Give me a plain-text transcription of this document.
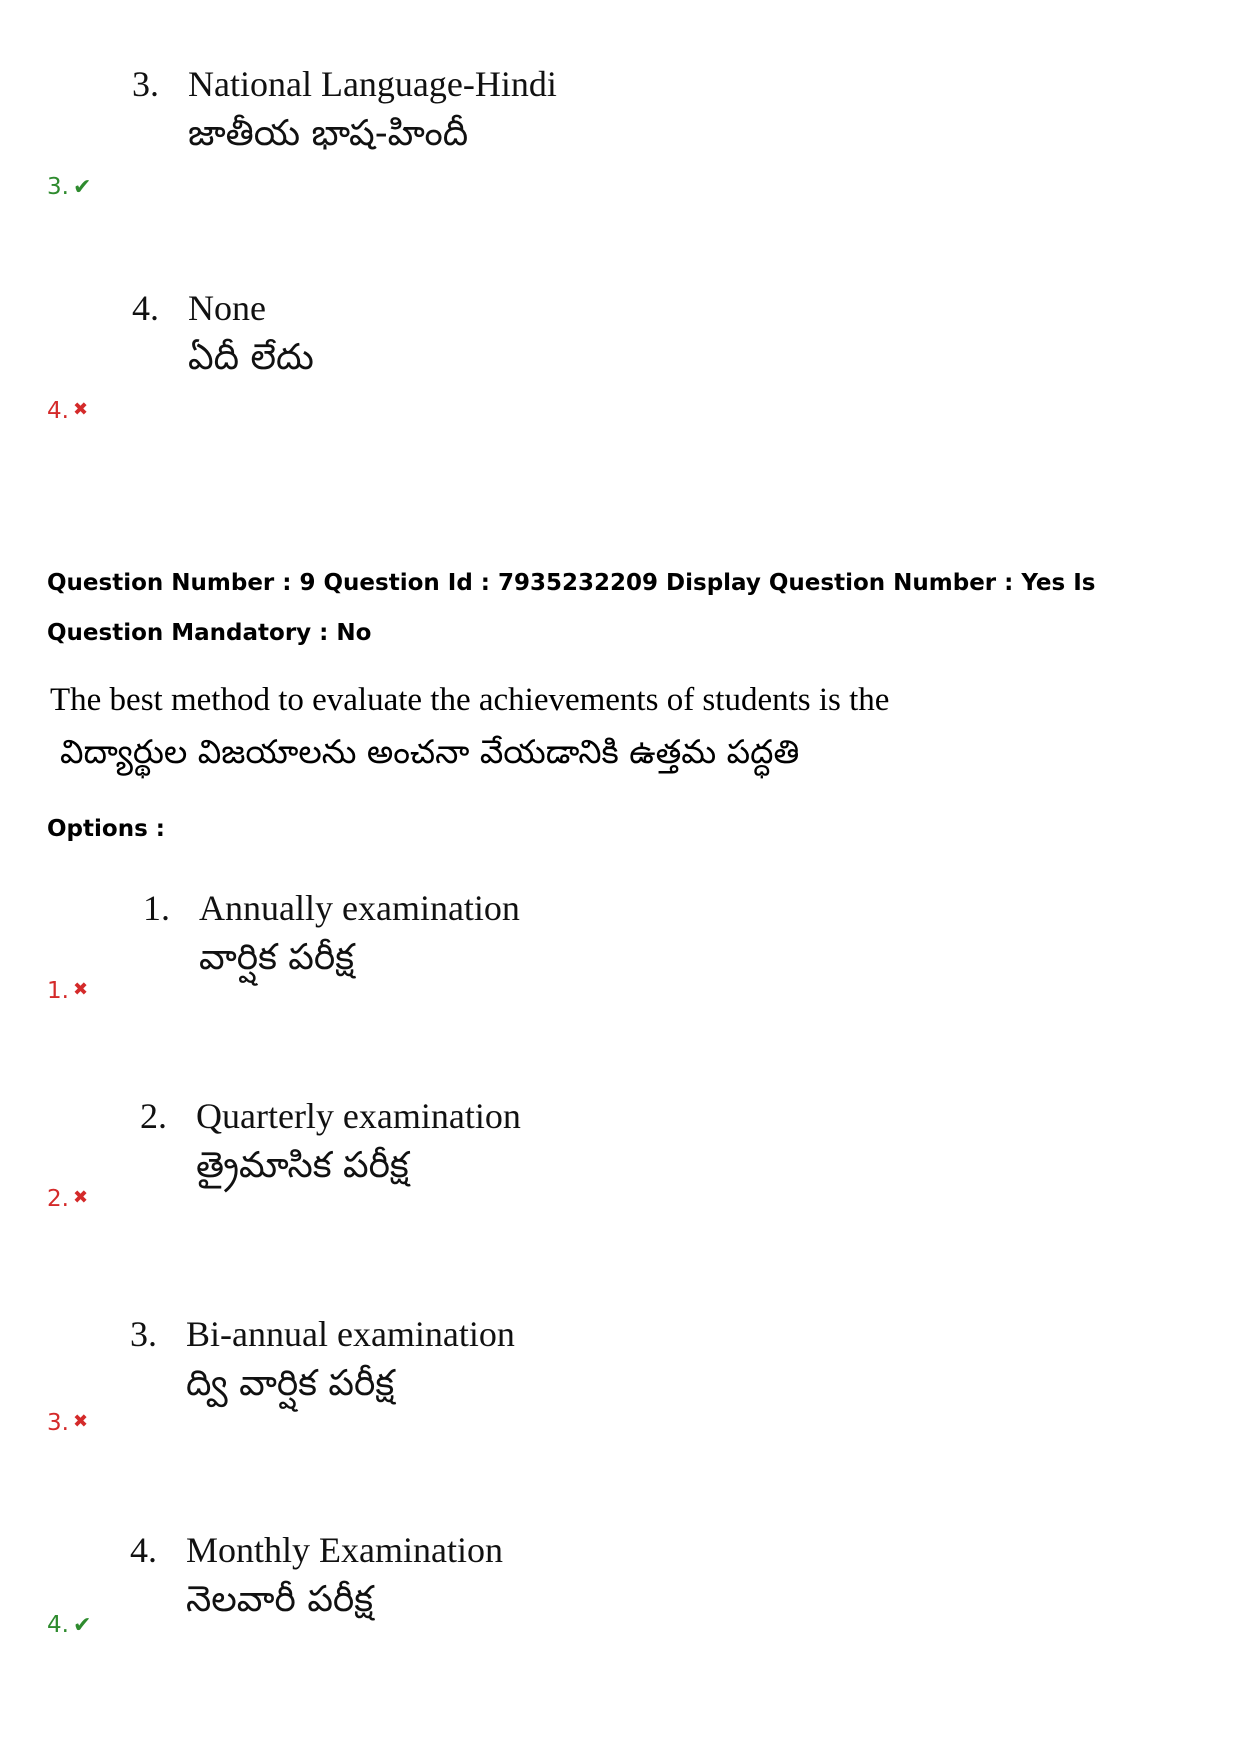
3. National Language-Hindi
జాతీయ భాష-హిందీ
3. ✔
4. None
ఏదీ లేదు
4. ✖
Question Number : 9 Question Id : 7935232209 Display Question Number : Yes Is Question Mandatory : No
The best method to evaluate the achievements of students is the
విద్యార్థుల విజయాలను అంచనా వేయడానికి ఉత్తమ పద్ధతి
Options :
1. Annually examination
వార్షిక పరీక్ష
1. ✖
2. Quarterly examination
త్రైమాసిక పరీక్ష
2. ✖
3. Bi-annual examination
ద్వి వార్షిక పరీక్ష
3. ✖
4. Monthly Examination
నెలవారీ పరీక్ష
4. ✔
